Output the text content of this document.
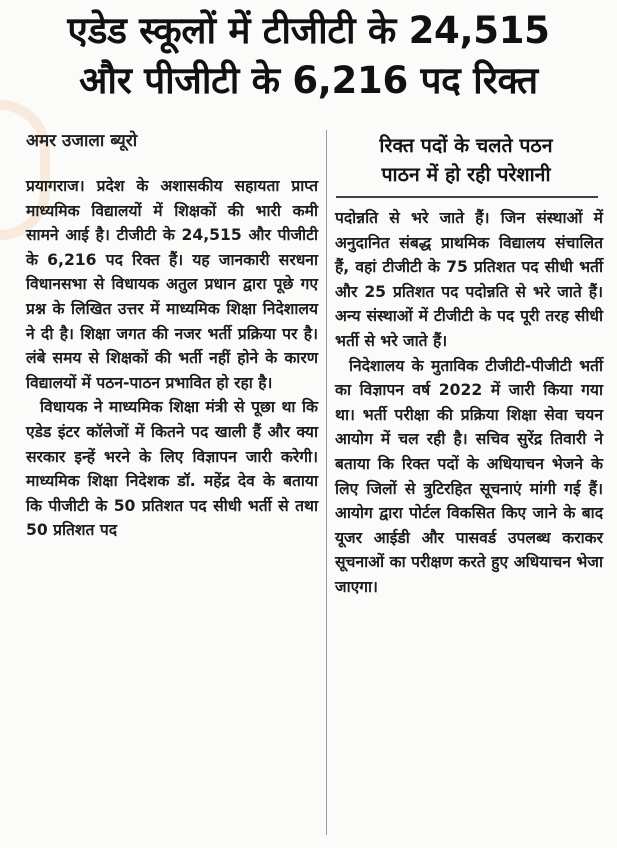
एडेड स्कूलों में टीजीटी के 24,515
और पीजीटी के 6,216 पद रिक्त
अमर उजाला ब्यूरो

प्रयागराज। प्रदेश के अशासकीय सहायता प्राप्त माध्यमिक विद्यालयों में शिक्षकों की भारी कमी सामने आई है। टीजीटी के 24,515 और पीजीटी के 6,216 पद रिक्त हैं। यह जानकारी सरधना विधानसभा से विधायक अतुल प्रधान द्वारा पूछे गए प्रश्न के लिखित उत्तर में माध्यमिक शिक्षा निदेशालय ने दी है। शिक्षा जगत की नजर भर्ती प्रक्रिया पर है। लंबे समय से शिक्षकों की भर्ती नहीं होने के कारण विद्यालयों में पठन-पाठन प्रभावित हो रहा है।

विधायक ने माध्यमिक शिक्षा मंत्री से पूछा था कि एडेड इंटर कॉलेजों में कितने पद खाली हैं और क्या सरकार इन्हें भरने के लिए विज्ञापन जारी करेगी। माध्यमिक शिक्षा निदेशक डॉ. महेंद्र देव के बताया कि पीजीटी के 50 प्रतिशत पद सीधी भर्ती से तथा 50 प्रतिशत पद

रिक्त पदों के चलते पठन
पाठन में हो रही परेशानी

पदोन्नति से भरे जाते हैं। जिन संस्थाओं में अनुदानित संबद्ध प्राथमिक विद्यालय संचालित हैं, वहां टीजीटी के 75 प्रतिशत पद सीधी भर्ती और 25 प्रतिशत पद पदोन्नति से भरे जाते हैं। अन्य संस्थाओं में टीजीटी के पद पूरी तरह सीधी भर्ती से भरे जाते हैं।

निदेशालय के मुताविक टीजीटी-पीजीटी भर्ती का विज्ञापन वर्ष 2022 में जारी किया गया था। भर्ती परीक्षा की प्रक्रिया शिक्षा सेवा चयन आयोग में चल रही है। सचिव सुरेंद्र तिवारी ने बताया कि रिक्त पदों के अधियाचन भेजने के लिए जिलों से त्रुटिरहित सूचनाएं मांगी गई हैं। आयोग द्वारा पोर्टल विकसित किए जाने के बाद यूजर आईडी और पासवर्ड उपलब्ध कराकर सूचनाओं का परीक्षण करते हुए अधियाचन भेजा जाएगा।
